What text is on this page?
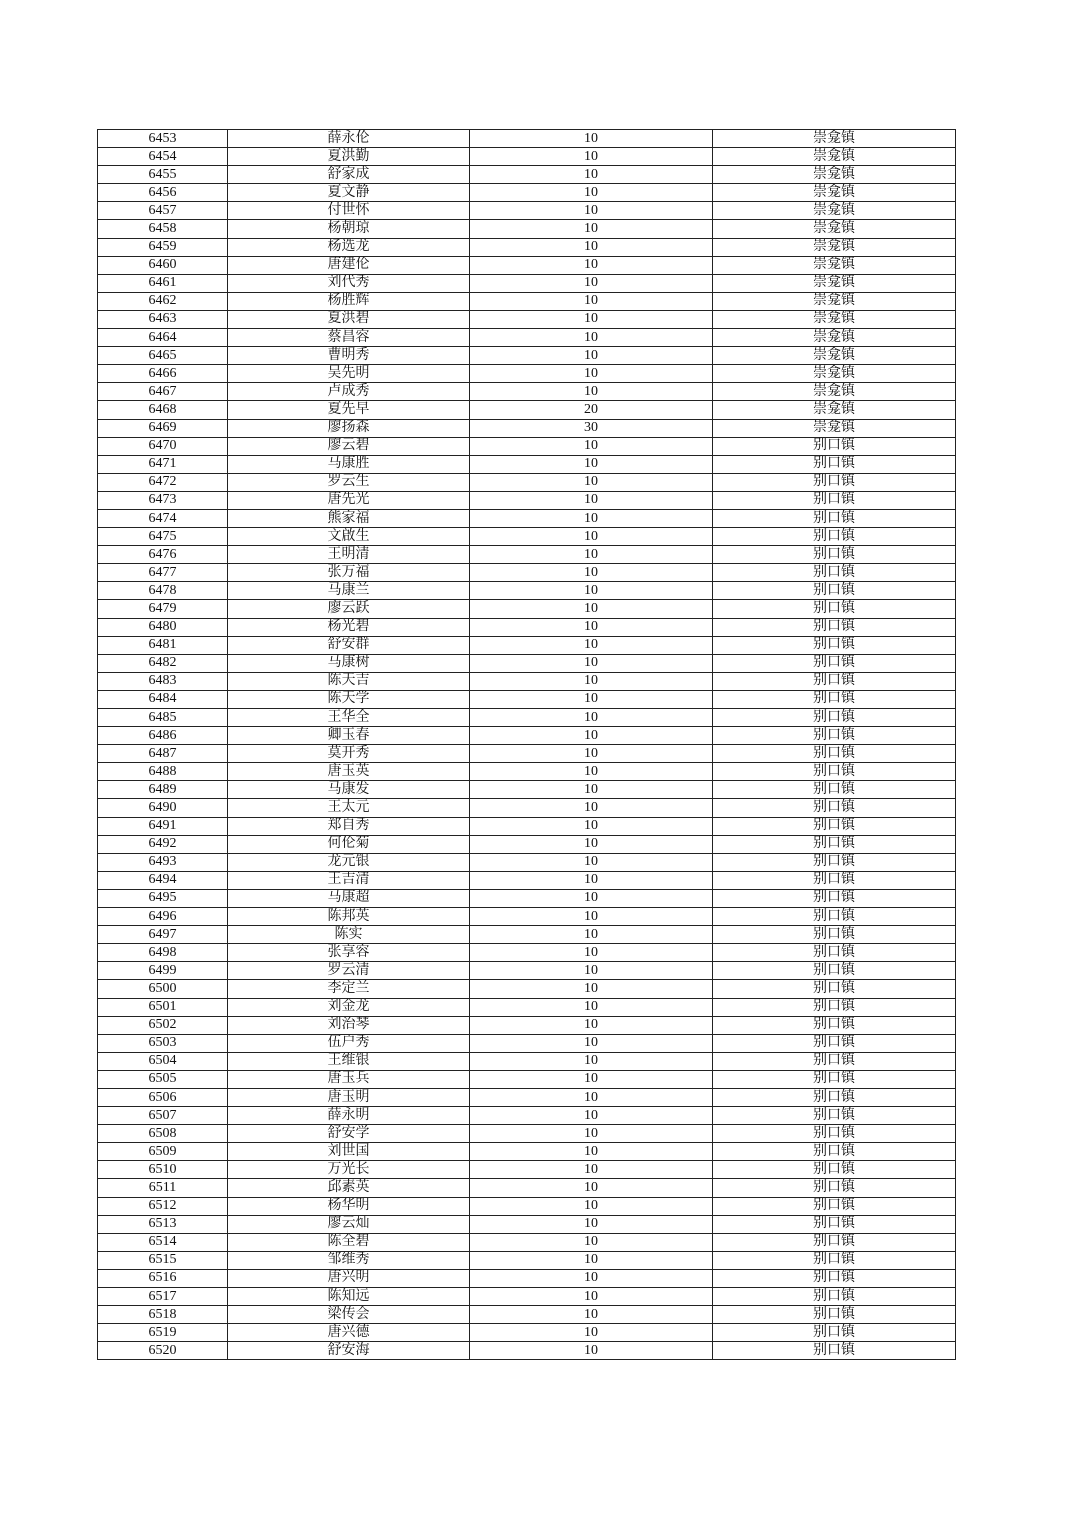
6453	薛永伦	10	崇龛镇
6454	夏洪勤	10	崇龛镇
6455	舒家成	10	崇龛镇
6456	夏文静	10	崇龛镇
6457	付世怀	10	崇龛镇
6458	杨朝琼	10	崇龛镇
6459	杨选龙	10	崇龛镇
6460	唐建伦	10	崇龛镇
6461	刘代秀	10	崇龛镇
6462	杨胜辉	10	崇龛镇
6463	夏洪碧	10	崇龛镇
6464	蔡昌容	10	崇龛镇
6465	曹明秀	10	崇龛镇
6466	吴先明	10	崇龛镇
6467	卢成秀	10	崇龛镇
6468	夏先早	20	崇龛镇
6469	廖扬森	30	崇龛镇
6470	廖云碧	10	别口镇
6471	马康胜	10	别口镇
6472	罗云生	10	别口镇
6473	唐先光	10	别口镇
6474	熊家福	10	别口镇
6475	文啟生	10	别口镇
6476	王明清	10	别口镇
6477	张万福	10	别口镇
6478	马康兰	10	别口镇
6479	廖云跃	10	别口镇
6480	杨光碧	10	别口镇
6481	舒安群	10	别口镇
6482	马康树	10	别口镇
6483	陈天吉	10	别口镇
6484	陈天学	10	别口镇
6485	王华全	10	别口镇
6486	卿玉春	10	别口镇
6487	莫开秀	10	别口镇
6488	唐玉英	10	别口镇
6489	马康发	10	别口镇
6490	王太元	10	别口镇
6491	郑自秀	10	别口镇
6492	何伦菊	10	别口镇
6493	龙元银	10	别口镇
6494	王吉清	10	别口镇
6495	马康超	10	别口镇
6496	陈邦英	10	别口镇
6497	陈实	10	别口镇
6498	张享容	10	别口镇
6499	罗云清	10	别口镇
6500	李定兰	10	别口镇
6501	刘金龙	10	别口镇
6502	刘治琴	10	别口镇
6503	伍户秀	10	别口镇
6504	王维银	10	别口镇
6505	唐玉兵	10	别口镇
6506	唐玉明	10	别口镇
6507	薛永明	10	别口镇
6508	舒安学	10	别口镇
6509	刘世国	10	别口镇
6510	万光长	10	别口镇
6511	邱素英	10	别口镇
6512	杨华明	10	别口镇
6513	廖云灿	10	别口镇
6514	陈全碧	10	别口镇
6515	邹维秀	10	别口镇
6516	唐兴明	10	别口镇
6517	陈知远	10	别口镇
6518	梁传会	10	别口镇
6519	唐兴德	10	别口镇
6520	舒安海	10	别口镇
